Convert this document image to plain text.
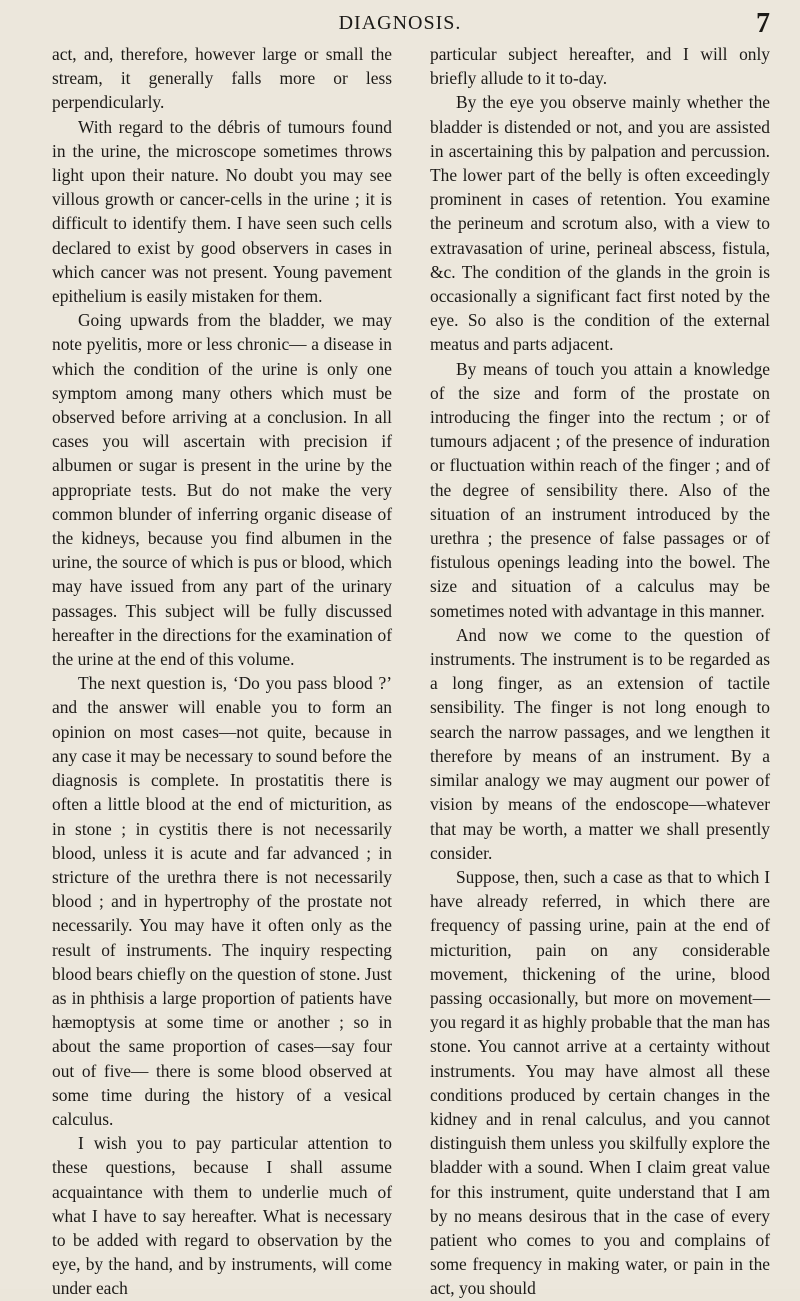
DIAGNOSIS.	7

act, and, therefore, however large or small the stream, it generally falls more or less perpendicularly.

With regard to the débris of tumours found in the urine, the microscope sometimes throws light upon their nature. No doubt you may see villous growth or cancer-cells in the urine ; it is difficult to identify them. I have seen such cells declared to exist by good observers in cases in which cancer was not present. Young pavement epithelium is easily mistaken for them.

Going upwards from the bladder, we may note pyelitis, more or less chronic— a disease in which the condition of the urine is only one symptom among many others which must be observed before arriving at a conclusion. In all cases you will ascertain with precision if albumen or sugar is present in the urine by the appropriate tests. But do not make the very common blunder of inferring organic disease of the kidneys, because you find albumen in the urine, the source of which is pus or blood, which may have issued from any part of the urinary passages. This subject will be fully discussed hereafter in the directions for the examination of the urine at the end of this volume.

The next question is, ‘Do you pass blood ?’ and the answer will enable you to form an opinion on most cases—not quite, because in any case it may be necessary to sound before the diagnosis is complete. In prostatitis there is often a little blood at the end of micturition, as in stone ; in cystitis there is not necessarily blood, unless it is acute and far advanced ; in stricture of the urethra there is not necessarily blood ; and in hypertrophy of the prostate not necessarily. You may have it often only as the result of instruments. The inquiry respecting blood bears chiefly on the question of stone. Just as in phthisis a large proportion of patients have hæmoptysis at some time or another ; so in about the same proportion of cases—say four out of five— there is some blood observed at some time during the history of a vesical calculus.

I wish you to pay particular attention to these questions, because I shall assume acquaintance with them to underlie much of what I have to say hereafter. What is necessary to be added with regard to observation by the eye, by the hand, and by instruments, will come under each

particular subject hereafter, and I will only briefly allude to it to-day.

By the eye you observe mainly whether the bladder is distended or not, and you are assisted in ascertaining this by palpation and percussion. The lower part of the belly is often exceedingly prominent in cases of retention. You examine the perineum and scrotum also, with a view to extravasation of urine, perineal abscess, fistula, &c. The condition of the glands in the groin is occasionally a significant fact first noted by the eye. So also is the condition of the external meatus and parts adjacent.

By means of touch you attain a knowledge of the size and form of the prostate on introducing the finger into the rectum ; or of tumours adjacent ; of the presence of induration or fluctuation within reach of the finger ; and of the degree of sensibility there. Also of the situation of an instrument introduced by the urethra ; the presence of false passages or of fistulous openings leading into the bowel. The size and situation of a calculus may be sometimes noted with advantage in this manner.

And now we come to the question of instruments. The instrument is to be regarded as a long finger, as an extension of tactile sensibility. The finger is not long enough to search the narrow passages, and we lengthen it therefore by means of an instrument. By a similar analogy we may augment our power of vision by means of the endoscope—whatever that may be worth, a matter we shall presently consider.

Suppose, then, such a case as that to which I have already referred, in which there are frequency of passing urine, pain at the end of micturition, pain on any considerable movement, thickening of the urine, blood passing occasionally, but more on movement—you regard it as highly probable that the man has stone. You cannot arrive at a certainty without instruments. You may have almost all these conditions produced by certain changes in the kidney and in renal calculus, and you cannot distinguish them unless you skilfully explore the bladder with a sound. When I claim great value for this instrument, quite understand that I am by no means desirous that in the case of every patient who comes to you and complains of some frequency in making water, or pain in the act, you should
